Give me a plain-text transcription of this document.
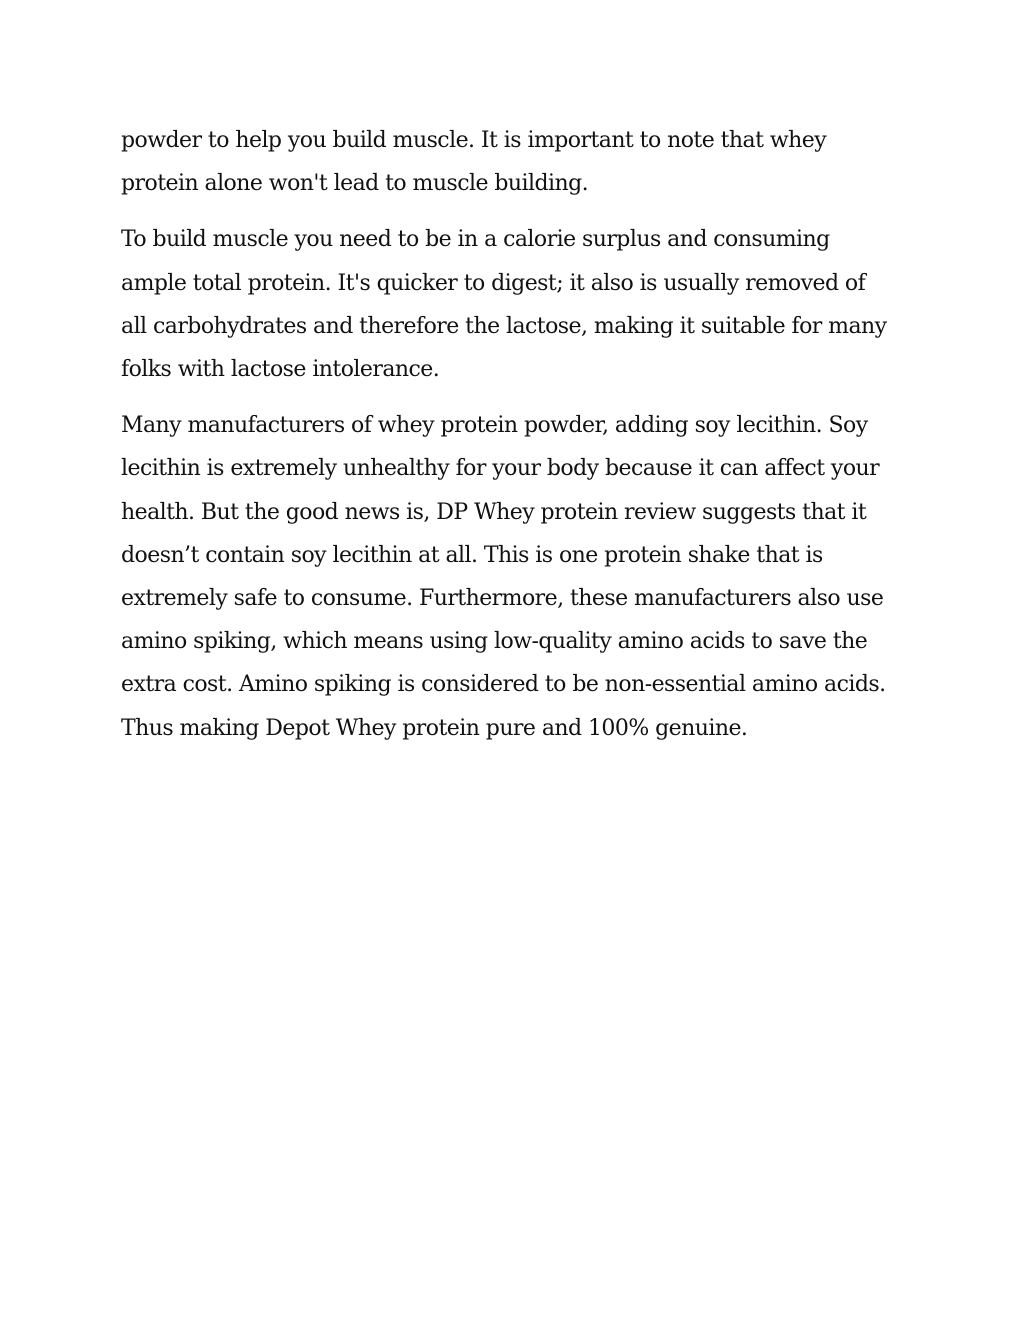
powder to help you build muscle. It is important to note that whey
protein alone won't lead to muscle building.

To build muscle you need to be in a calorie surplus and consuming
ample total protein. It's quicker to digest; it also is usually removed of
all carbohydrates and therefore the lactose, making it suitable for many
folks with lactose intolerance.

Many manufacturers of whey protein powder, adding soy lecithin. Soy
lecithin is extremely unhealthy for your body because it can affect your
health. But the good news is, DP Whey protein review suggests that it
doesn’t contain soy lecithin at all. This is one protein shake that is
extremely safe to consume. Furthermore, these manufacturers also use
amino spiking, which means using low-quality amino acids to save the
extra cost. Amino spiking is considered to be non-essential amino acids.
Thus making Depot Whey protein pure and 100% genuine.
